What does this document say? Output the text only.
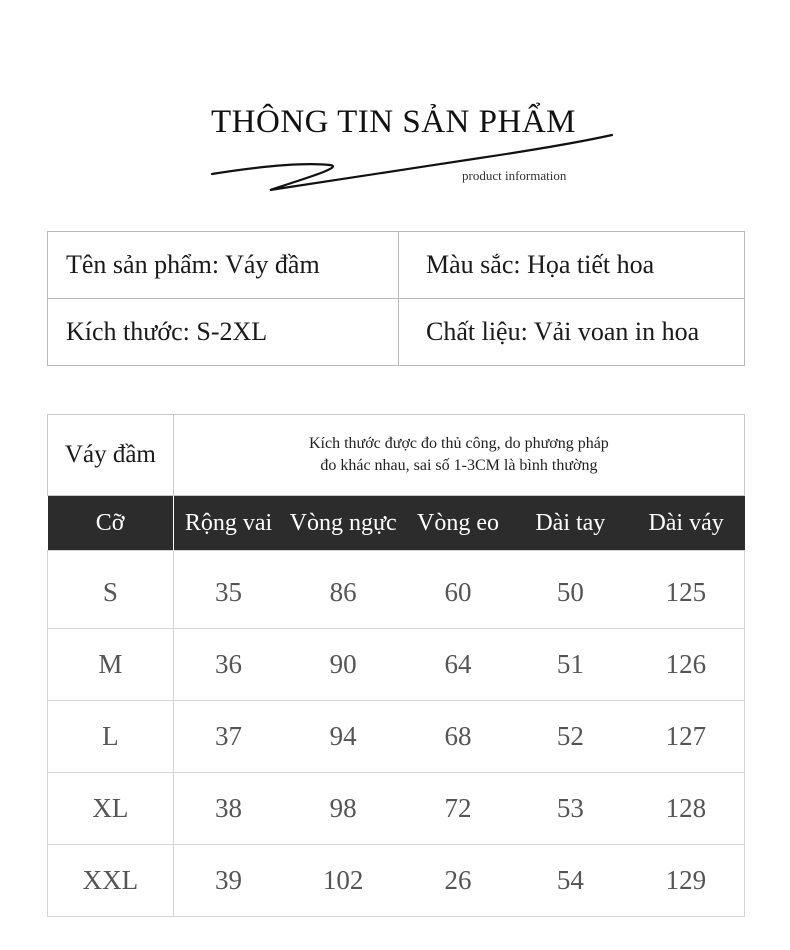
THÔNG TIN SẢN PHẨM
product information
Tên sản phẩm: Váy đầm	Màu sắc: Họa tiết hoa
Kích thước: S-2XL	Chất liệu: Vải voan in hoa
Váy đầm	Kích thước được đo thủ công, do phương pháp
đo khác nhau, sai số 1-3CM là bình thường				

Cỡ	Rộng vai	Vòng ngực	Vòng eo	Dài tay	Dài váy
S	35	86	60	50	125
M	36	90	64	51	126
L	37	94	68	52	127
XL	38	98	72	53	128
XXL	39	102	26	54	129
